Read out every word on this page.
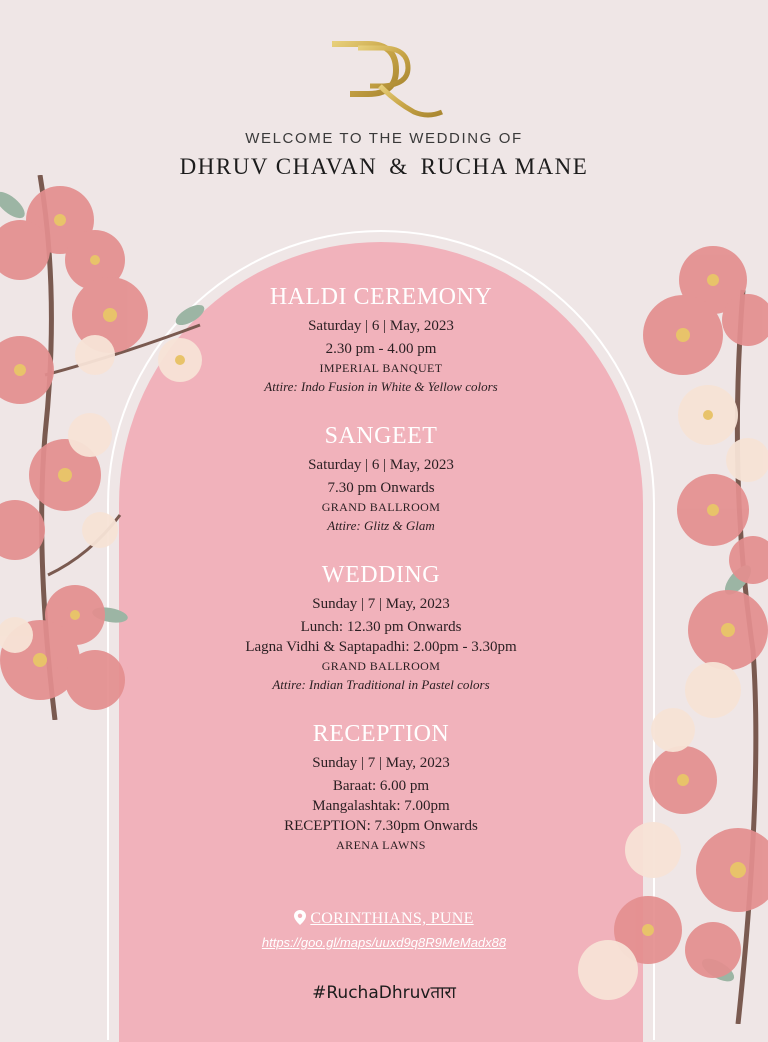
WELCOME TO THE WEDDING OF
DHRUV CHAVAN & RUCHA MANE
HALDI CEREMONY
Saturday | 6 | May, 2023
2.30 pm - 4.00 pm
IMPERIAL BANQUET
Attire: Indo Fusion in White & Yellow colors
SANGEET
Saturday | 6 | May, 2023
7.30 pm Onwards
GRAND BALLROOM
Attire: Glitz & Glam
WEDDING
Sunday | 7 | May, 2023
Lunch: 12.30 pm Onwards
Lagna Vidhi & Saptapadhi: 2.00pm - 3.30pm
GRAND BALLROOM
Attire: Indian Traditional in Pastel colors
RECEPTION
Sunday | 7 | May, 2023
Baraat: 6.00 pm
Mangalashtak: 7.00pm
RECEPTION: 7.30pm Onwards
ARENA LAWNS
CORINTHIANS, PUNE
https://goo.gl/maps/uuxd9q8R9MeMadx88
#RuchaDhruvतारा
